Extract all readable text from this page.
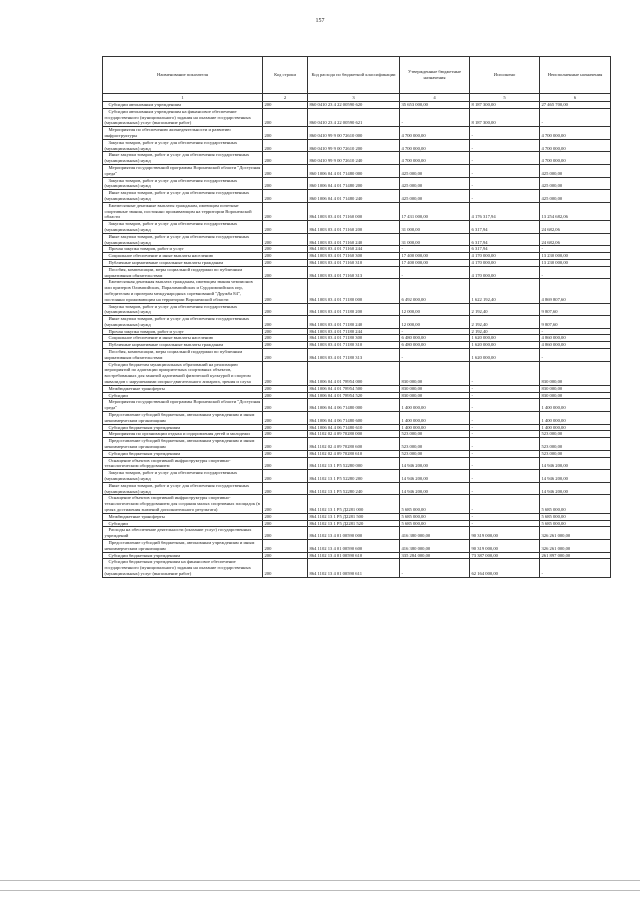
157
Наименование показателя	Код строки	Код расхода по бюджетной классификации	Утвержденные бюджетные назначения	Исполнено	Неисполненные назначения
1	2	3	4	5	6
Субсидии автономным учреждениям	200	860 0410 23 4 22 00590 620	35 653 000,00	8 187 300,00	27 465 700,00
Субсидии автономным учреждениям на финансовое обеспечение государственного (муниципального) задания на оказание государственных (муниципальных) услуг (выполнение работ)	200	860 0410 23 4 22 00590 621	-	8 187 300,00	-
Мероприятия по обеспечению жизнедеятельности и развитию инфраструктуры	200	860 0410 99 9 00 72610 000	4 700 000,00	-	4 700 000,00
Закупка товаров, работ и услуг для обеспечения государственных (муниципальных) нужд	200	860 0410 99 9 00 72610 200	4 700 000,00	-	4 700 000,00
Иные закупки товаров, работ и услуг для обеспечения государственных (муниципальных) нужд	200	860 0410 99 9 00 72610 240	4 700 000,00	-	4 700 000,00
Мероприятия государственной программы Воронежской области "Доступная среда"	200	860 1006 04 4 01 71480 000	425 000,00	-	425 000,00
Закупка товаров, работ и услуг для обеспечения государственных (муниципальных) нужд	200	860 1006 04 4 01 71480 200	425 000,00	-	425 000,00
Иные закупки товаров, работ и услуг для обеспечения государственных (муниципальных) нужд	200	860 1006 04 4 01 71480 240	425 000,00	-	425 000,00
Ежемесячные денежные выплаты гражданам, имеющим почетные спортивные звания, постоянно проживающим на территории Воронежской области	200	864 1003 03 4 01 71160 000	17 431 000,00	4 176 317,94	13 254 682,06
Закупка товаров, работ и услуг для обеспечения государственных (муниципальных) нужд	200	864 1003 03 4 01 71160 200	31 000,00	6 317,94	24 682,06
Иные закупки товаров, работ и услуг для обеспечения государственных (муниципальных) нужд	200	864 1003 03 4 01 71160 240	31 000,00	6 317,94	24 682,06
Прочая закупка товаров, работ и услуг	200	864 1003 03 4 01 71160 244	-	6 317,94	-
Социальное обеспечение и иные выплаты населению	200	864 1003 03 4 01 71160 300	17 400 000,00	4 170 000,00	13 230 000,00
Публичные нормативные социальные выплаты гражданам	200	864 1003 03 4 01 71160 310	17 400 000,00	4 170 000,00	13 230 000,00
Пособия, компенсации, меры социальной поддержки по публичным нормативным обязательствам	200	864 1003 03 4 01 71160 313	-	4 170 000,00	-
Ежемесячная денежная выплата гражданам, имеющим звания чемпионов или призеров Олимпийских, Паралимпийских и Сурдлимпийских игр, победителям и призерам международных соревнований "Дружба 84", постоянно проживающим на территории Воронежской области	200	864 1003 03 4 01 71180 000	6 492 000,00	1 622 192,40	4 869 807,60
Закупка товаров, работ и услуг для обеспечения государственных (муниципальных) нужд	200	864 1003 03 4 01 71180 200	12 000,00	2 192,40	9 807,60
Иные закупки товаров, работ и услуг для обеспечения государственных (муниципальных) нужд	200	864 1003 03 4 01 71180 240	12 000,00	2 192,40	9 807,60
Прочая закупка товаров, работ и услуг	200	864 1003 03 4 01 71180 244	-	2 192,40	-
Социальное обеспечение и иные выплаты населению	200	864 1003 03 4 01 71180 300	6 480 000,00	1 620 000,00	4 860 000,00
Публичные нормативные социальные выплаты гражданам	200	864 1003 03 4 01 71180 310	6 480 000,00	1 620 000,00	4 860 000,00
Пособия, компенсации, меры социальной поддержки по публичным нормативным обязательствам	200	864 1003 03 4 01 71180 313	-	1 620 000,00	-
Субсидии бюджетам муниципальных образований на реализацию мероприятий по адаптации приоритетных спортивных объектов, востребованных для занятий адаптивной физической культурой и спортом инвалидов с нарушениями опорно-двигательного аппарата, зрения и слуха	200	864 1006 04 4 01 78954 000	830 000,00	-	830 000,00
Межбюджетные трансферты	200	864 1006 04 4 01 78954 500	830 000,00	-	830 000,00
Субсидии	200	864 1006 04 4 01 78954 520	830 000,00	-	830 000,00
Мероприятия государственной программы Воронежской области "Доступная среда"	200	864 1006 04 4 06 71480 000	1 400 000,00	-	1 400 000,00
Предоставление субсидий бюджетным, автономным учреждениям и иным некоммерческим организациям	200	864 1006 04 4 06 71480 600	1 400 000,00	-	1 400 000,00
Субсидии бюджетным учреждениям	200	864 1006 04 4 06 71480 610	1 400 000,00	-	1 400 000,00
Мероприятия по организации отдыха и оздоровления детей и молодежи	200	864 1102 02 4 09 70280 000	523 000,00	-	523 000,00
Предоставление субсидий бюджетным, автономным учреждениям и иным некоммерческим организациям	200	864 1102 02 4 09 70280 600	523 000,00	-	523 000,00
Субсидии бюджетным учреждениям	200	864 1102 02 4 09 70280 610	523 000,00	-	523 000,00
Оснащение объектов спортивной инфраструктуры спортивно-технологическим оборудованием	200	864 1102 13 1 P5 52280 000	14 946 200,00	-	14 946 200,00
Закупка товаров, работ и услуг для обеспечения государственных (муниципальных) нужд	200	864 1102 13 1 P5 52280 200	14 946 200,00	-	14 946 200,00
Иные закупки товаров, работ и услуг для обеспечения государственных (муниципальных) нужд	200	864 1102 13 1 P5 52280 240	14 946 200,00	-	14 946 200,00
Оснащение объектов спортивной инфраструктуры спортивно-технологическим оборудованием для создания малых спортивных площадок (в целях достижения значений дополнительного результата)	200	864 1102 13 1 P5 Д2281 000	5 685 000,00	-	5 685 000,00
Межбюджетные трансферты	200	864 1102 13 1 P5 Д2281 500	5 685 000,00	-	5 685 000,00
Субсидии	200	864 1102 13 1 P5 Д2281 520	5 685 000,00	-	5 685 000,00
Расходы на обеспечение деятельности (оказание услуг) государственных учреждений	200	864 1102 13 4 01 00590 000	416 380 000,00	90 319 000,00	326 261 000,00
Предоставление субсидий бюджетным, автономным учреждениям и иным некоммерческим организациям	200	864 1102 13 4 01 00590 600	416 380 000,00	90 319 000,00	326 261 000,00
Субсидии бюджетным учреждениям	200	864 1102 13 4 01 00590 610	335 284 000,00	73 387 000,00	261 897 000,00
Субсидии бюджетным учреждениям на финансовое обеспечение государственного (муниципального) задания на оказание государственных (муниципальных) услуг (выполнение работ)	200	864 1102 13 4 01 00590 611	-	62 164 000,00	-
